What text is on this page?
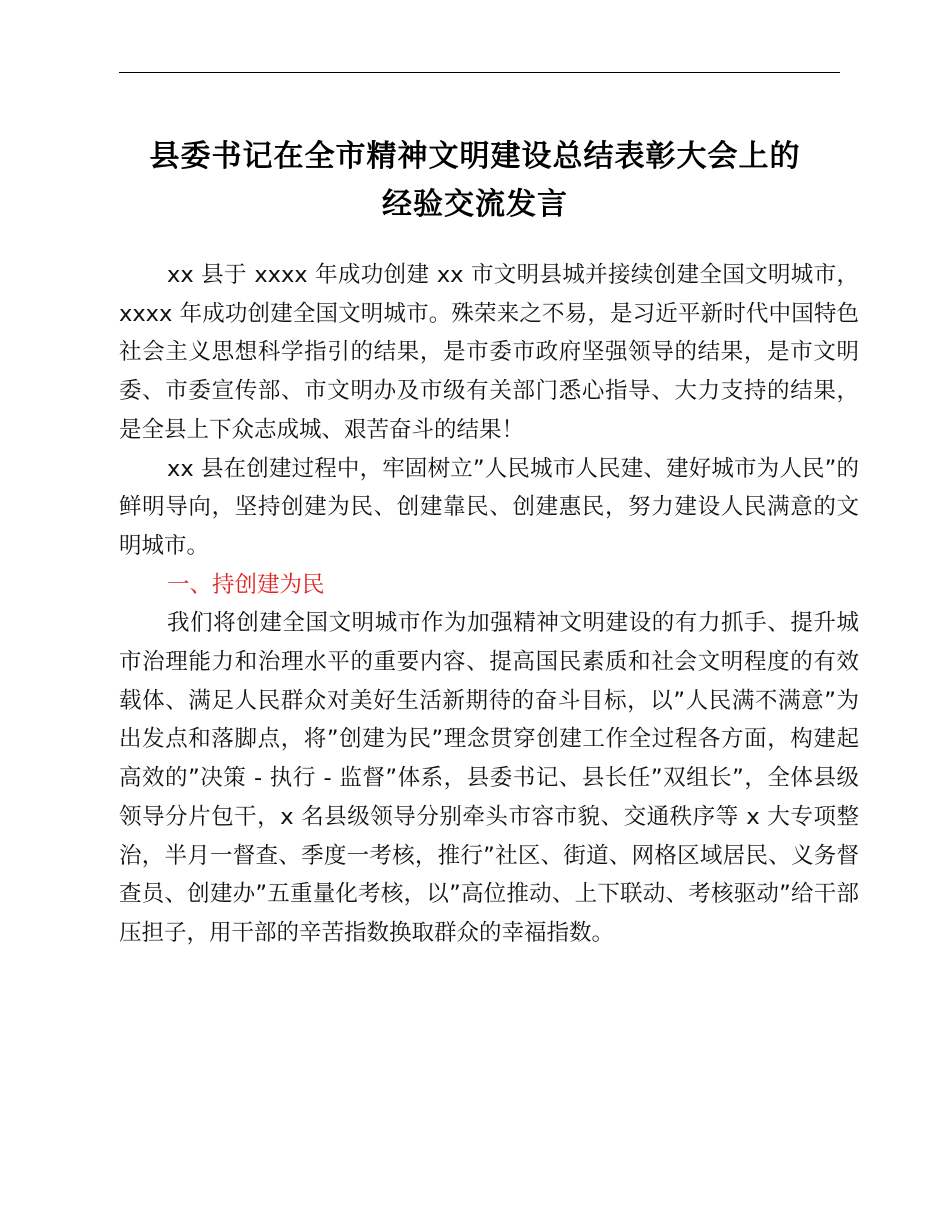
县委书记在全市精神文明建设总结表彰大会上的
经验交流发言

xx 县于 xxxx 年成功创建 xx 市文明县城并接续创建全国文明城市，xxxx 年成功创建全国文明城市。殊荣来之不易，是习近平新时代中国特色社会主义思想科学指引的结果，是市委市政府坚强领导的结果，是市文明委、市委宣传部、市文明办及市级有关部门悉心指导、大力支持的结果，是全县上下众志成城、艰苦奋斗的结果！

xx 县在创建过程中，牢固树立”人民城市人民建、建好城市为人民”的鲜明导向，坚持创建为民、创建靠民、创建惠民，努力建设人民满意的文明城市。

一、持创建为民

我们将创建全国文明城市作为加强精神文明建设的有力抓手、提升城市治理能力和治理水平的重要内容、提高国民素质和社会文明程度的有效载体、满足人民群众对美好生活新期待的奋斗目标，以”人民满不满意”为出发点和落脚点，将”创建为民”理念贯穿创建工作全过程各方面，构建起高效的”决策 - 执行 - 监督”体系，县委书记、县长任”双组长”，全体县级领导分片包干，x 名县级领导分别牵头市容市貌、交通秩序等 x 大专项整治，半月一督查、季度一考核，推行”社区、街道、网格区域居民、义务督查员、创建办”五重量化考核，以”高位推动、上下联动、考核驱动”给干部压担子，用干部的辛苦指数换取群众的幸福指数。
